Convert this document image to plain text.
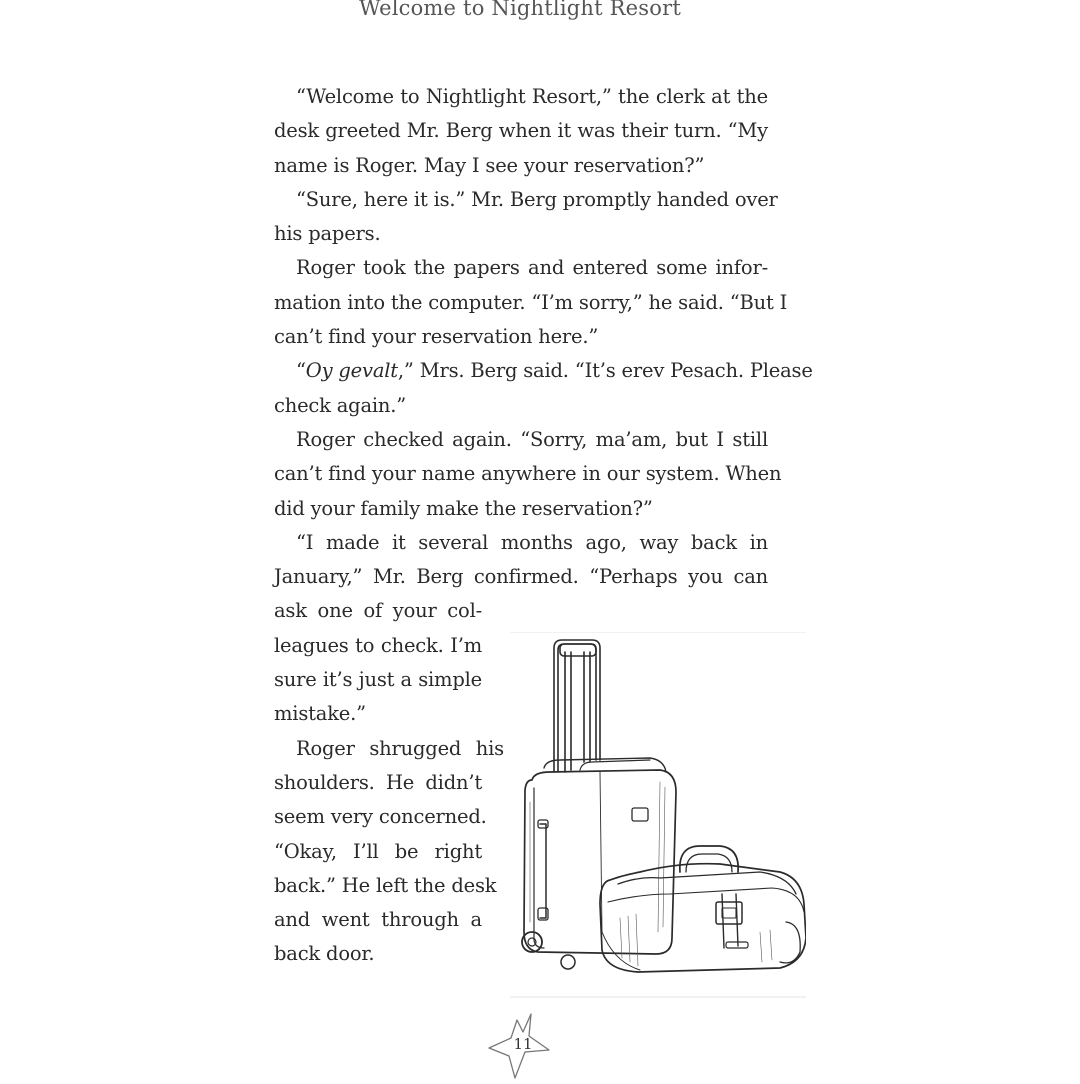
Welcome to Nightlight Resort
“Welcome to Nightlight Resort,” the clerk at the
desk greeted Mr. Berg when it was their turn. “My
name is Roger. May I see your reservation?”
“Sure, here it is.” Mr. Berg promptly handed over
his papers.
Roger took the papers and entered some infor-
mation into the computer. “I’m sorry,” he said. “But I
can’t find your reservation here.”
“Oy gevalt,” Mrs. Berg said. “It’s erev Pesach. Please
check again.”
Roger checked again. “Sorry, ma’am, but I still
can’t find your name anywhere in our system. When
did your family make the reservation?”
“I made it several months ago, way back in
January,” Mr. Berg confirmed. “Perhaps you can
ask one of your col-
leagues to check. I’m
sure it’s just a simple
mistake.”
Roger shrugged his
shoulders. He didn’t
seem very concerned.
“Okay, I’ll be right
back.” He left the desk
and went through a
back door.
11
